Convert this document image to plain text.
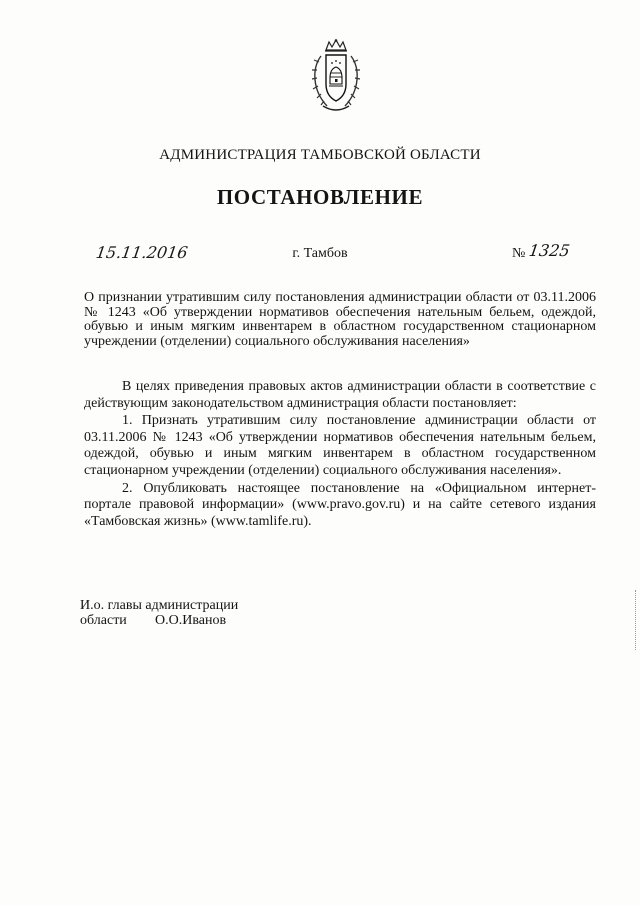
АДМИНИСТРАЦИЯ ТАМБОВСКОЙ ОБЛАСТИ
ПОСТАНОВЛЕНИЕ
15.11.2016	г. Тамбов	№ 1325
О признании утратившим силу постановления администрации области от 03.11.2006 № 1243 «Об утверждении нормативов обеспечения нательным бельем, одеждой, обувью и иным мягким инвентарем в областном государственном стационарном учреждении (отделении) социального обслуживания населения»

В целях приведения правовых актов администрации области в соответствие с действующим законодательством администрация области постановляет:

1. Признать утратившим силу постановление администрации области от 03.11.2006 № 1243 «Об утверждении нормативов обеспечения нательным бельем, одеждой, обувью и иным мягким инвентарем в областном государственном стационарном учреждении (отделении) социального обслуживания населения».

2. Опубликовать настоящее постановление на «Официальном интернет-портале правовой информации» (www.pravo.gov.ru) и на сайте сетевого издания «Тамбовская жизнь» (www.tamlife.ru).

И.о. главы администрации
области О.О.Иванов
